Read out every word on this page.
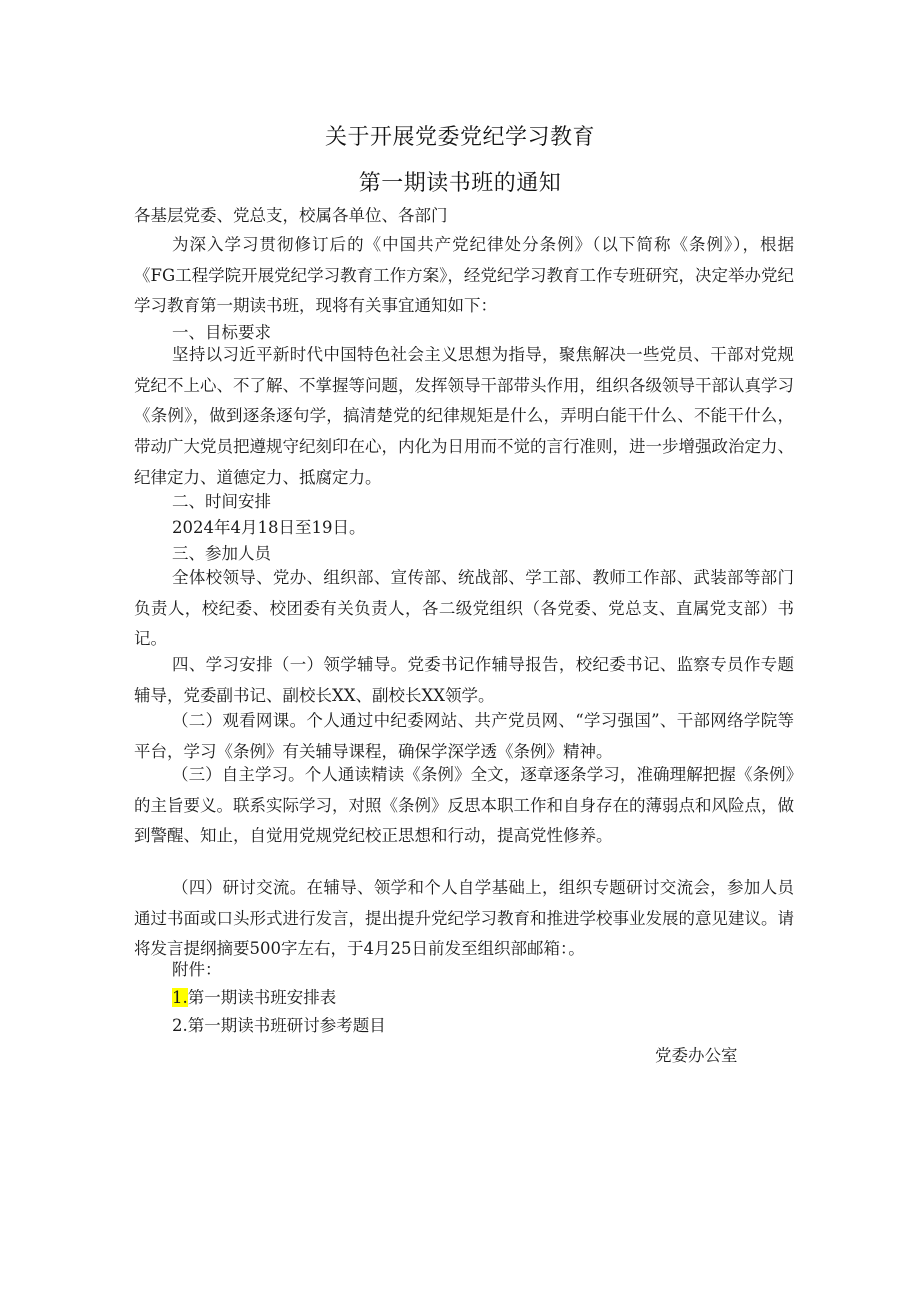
关于开展党委党纪学习教育
第一期读书班的通知
各基层党委、党总支，校属各单位、各部门
为深入学习贯彻修订后的《中国共产党纪律处分条例》（以下简称《条例》），根据《FG工程学院开展党纪学习教育工作方案》，经党纪学习教育工作专班研究，决定举办党纪学习教育第一期读书班，现将有关事宜通知如下：
一、目标要求
坚持以习近平新时代中国特色社会主义思想为指导，聚焦解决一些党员、干部对党规党纪不上心、不了解、不掌握等问题，发挥领导干部带头作用，组织各级领导干部认真学习《条例》，做到逐条逐句学，搞清楚党的纪律规矩是什么，弄明白能干什么、不能干什么，带动广大党员把遵规守纪刻印在心，内化为日用而不觉的言行准则，进一步增强政治定力、纪律定力、道德定力、抵腐定力。
二、时间安排
2024年4月18日至19日。
三、参加人员
全体校领导、党办、组织部、宣传部、统战部、学工部、教师工作部、武装部等部门负责人，校纪委、校团委有关负责人，各二级党组织（各党委、党总支、直属党支部）书记。
四、学习安排（一）领学辅导。党委书记作辅导报告，校纪委书记、监察专员作专题辅导，党委副书记、副校长XX、副校长XX领学。
（二）观看网课。个人通过中纪委网站、共产党员网、“学习强国”、干部网络学院等平台，学习《条例》有关辅导课程，确保学深学透《条例》精神。
（三）自主学习。个人通读精读《条例》全文，逐章逐条学习，准确理解把握《条例》的主旨要义。联系实际学习，对照《条例》反思本职工作和自身存在的薄弱点和风险点，做到警醒、知止，自觉用党规党纪校正思想和行动，提高党性修养。
（四）研讨交流。在辅导、领学和个人自学基础上，组织专题研讨交流会，参加人员通过书面或口头形式进行发言，提出提升党纪学习教育和推进学校事业发展的意见建议。请将发言提纲摘要500字左右，于4月25日前发至组织部邮箱：。
附件：
1.第一期读书班安排表
2.第一期读书班研讨参考题目
党委办公室
